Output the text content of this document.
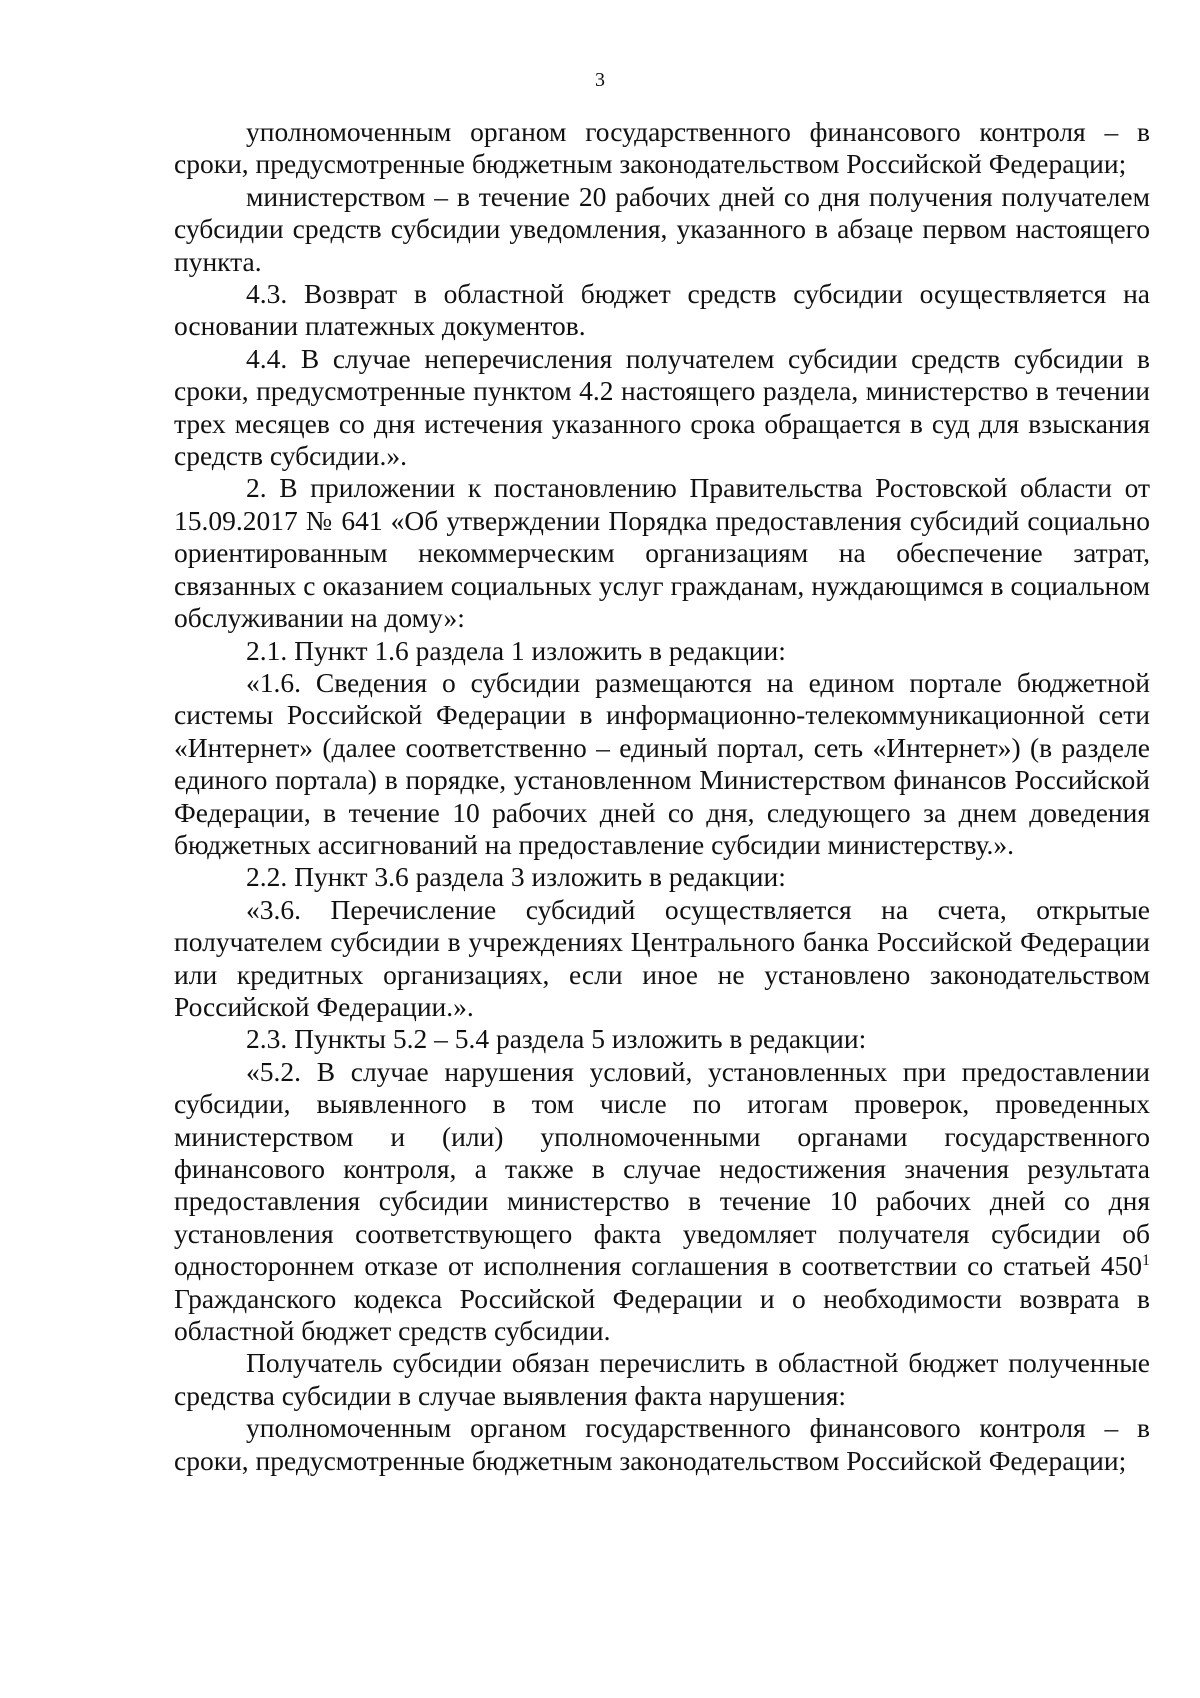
3

уполномоченным органом государственного финансового контроля – в сроки, предусмотренные бюджетным законодательством Российской Федерации;

министерством – в течение 20 рабочих дней со дня получения получателем субсидии средств субсидии уведомления, указанного в абзаце первом настоящего пункта.

4.3. Возврат в областной бюджет средств субсидии осуществляется на основании платежных документов.

4.4. В случае неперечисления получателем субсидии средств субсидии в сроки, предусмотренные пунктом 4.2 настоящего раздела, министерство в течении трех месяцев со дня истечения указанного срока обращается в суд для взыскания средств субсидии.».

2. В приложении к постановлению Правительства Ростовской области от 15.09.2017 № 641 «Об утверждении Порядка предоставления субсидий социально ориентированным некоммерческим организациям на обеспечение затрат, связанных с оказанием социальных услуг гражданам, нуждающимся в социальном обслуживании на дому»:

2.1. Пункт 1.6 раздела 1 изложить в редакции:

«1.6. Сведения о субсидии размещаются на едином портале бюджетной системы Российской Федерации в информационно-телекоммуникационной сети «Интернет» (далее соответственно – единый портал, сеть «Интернет») (в разделе единого портала) в порядке, установленном Министерством финансов Российской Федерации, в течение 10 рабочих дней со дня, следующего за днем доведения бюджетных ассигнований на предоставление субсидии министерству.».

2.2. Пункт 3.6 раздела 3 изложить в редакции:

«3.6. Перечисление субсидий осуществляется на счета, открытые получателем субсидии в учреждениях Центрального банка Российской Федерации или кредитных организациях, если иное не установлено законодательством Российской Федерации.».

2.3. Пункты 5.2 – 5.4 раздела 5 изложить в редакции:

«5.2. В случае нарушения условий, установленных при предоставлении субсидии, выявленного в том числе по итогам проверок, проведенных министерством и (или) уполномоченными органами государственного финансового контроля, а также в случае недостижения значения результата предоставления субсидии министерство в течение 10 рабочих дней со дня установления соответствующего факта уведомляет получателя субсидии об одностороннем отказе от исполнения соглашения в соответствии со статьей $450^1$ Гражданского кодекса Российской Федерации и о необходимости возврата в областной бюджет средств субсидии.

Получатель субсидии обязан перечислить в областной бюджет полученные средства субсидии в случае выявления факта нарушения:

уполномоченным органом государственного финансового контроля – в сроки, предусмотренные бюджетным законодательством Российской Федерации;
